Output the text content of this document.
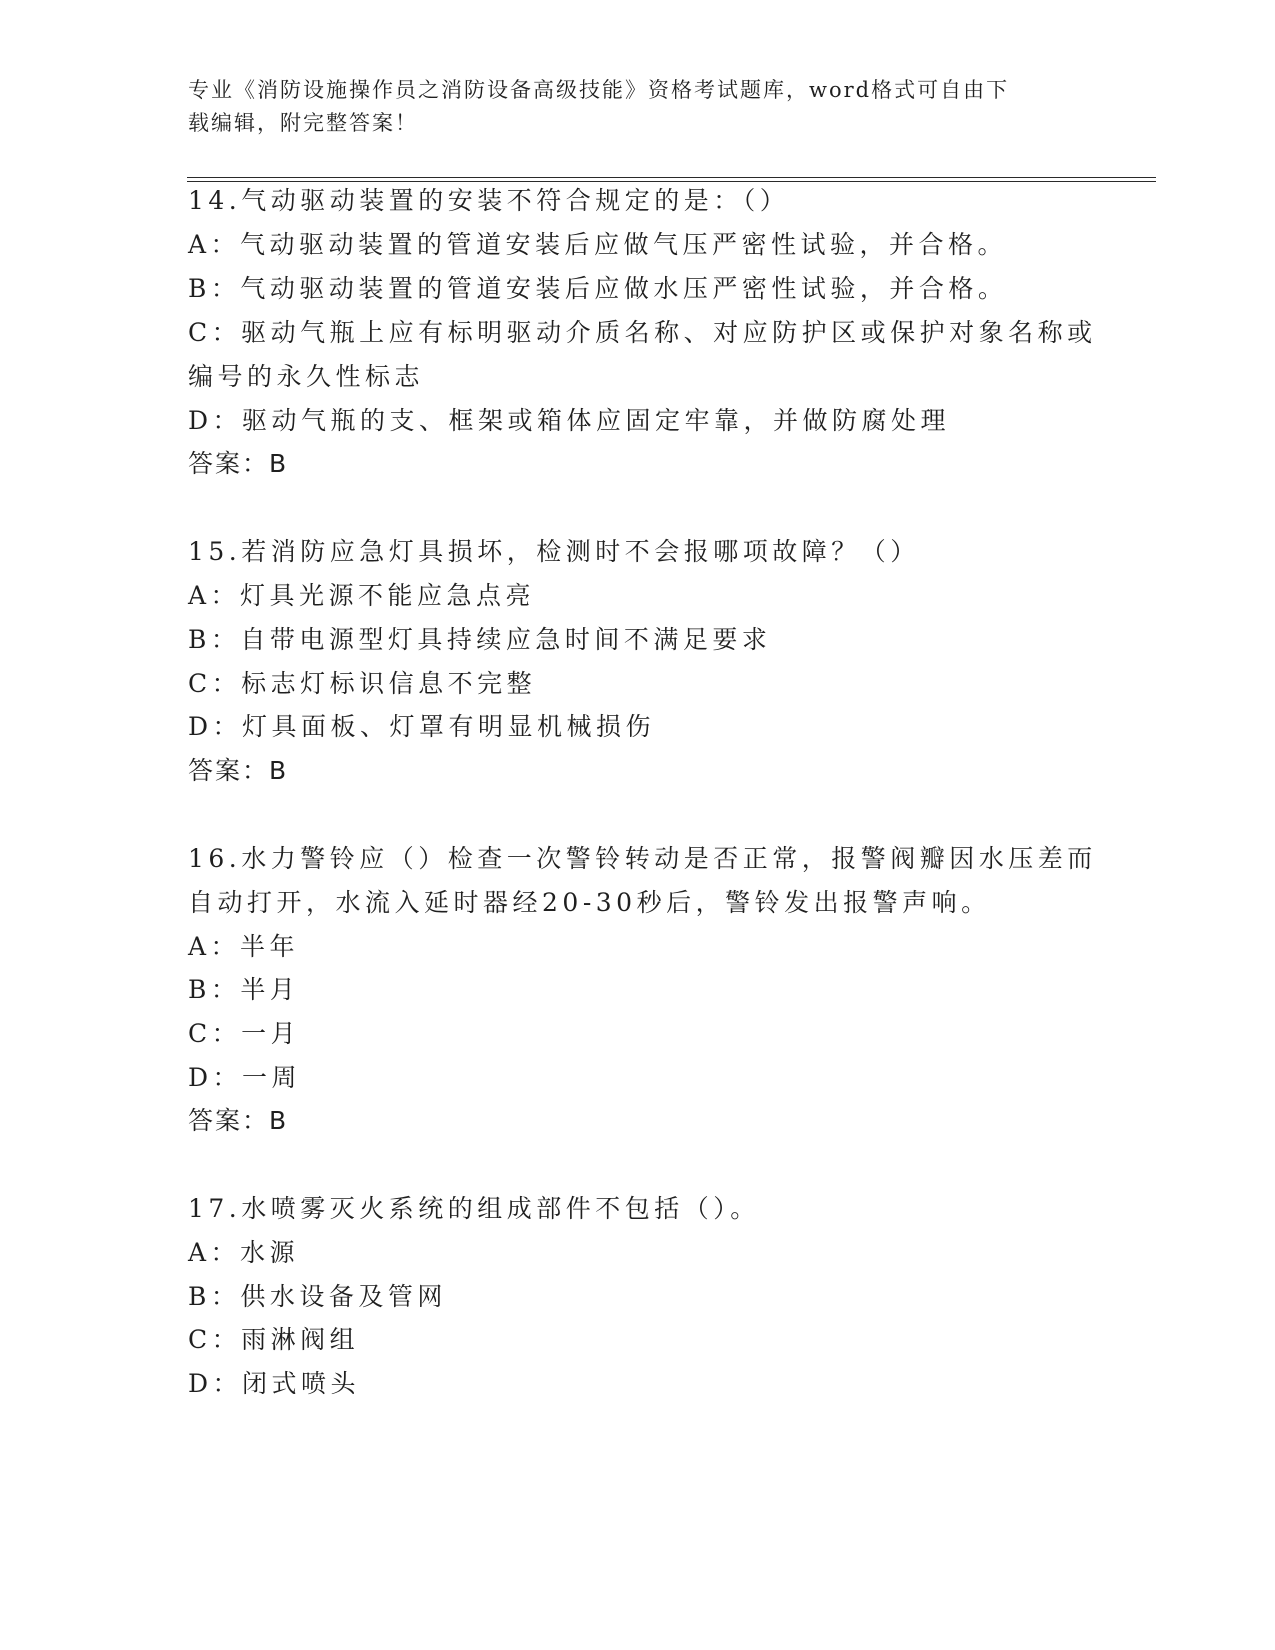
专业《消防设施操作员之消防设备高级技能》资格考试题库，word格式可自由下
载编辑，附完整答案！
14.气动驱动装置的安装不符合规定的是：（）
A：气动驱动装置的管道安装后应做气压严密性试验，并合格。
B：气动驱动装置的管道安装后应做水压严密性试验，并合格。
C：驱动气瓶上应有标明驱动介质名称、对应防护区或保护对象名称或
编号的永久性标志
D：驱动气瓶的支、框架或箱体应固定牢靠，并做防腐处理
答案：B
15.若消防应急灯具损坏，检测时不会报哪项故障？（）
A：灯具光源不能应急点亮
B：自带电源型灯具持续应急时间不满足要求
C：标志灯标识信息不完整
D：灯具面板、灯罩有明显机械损伤
答案：B
16.水力警铃应（）检查一次警铃转动是否正常，报警阀瓣因水压差而
自动打开，水流入延时器经20-30秒后，警铃发出报警声响。
A：半年
B：半月
C：一月
D：一周
答案：B
17.水喷雾灭火系统的组成部件不包括（）。
A：水源
B：供水设备及管网
C：雨淋阀组
D：闭式喷头
